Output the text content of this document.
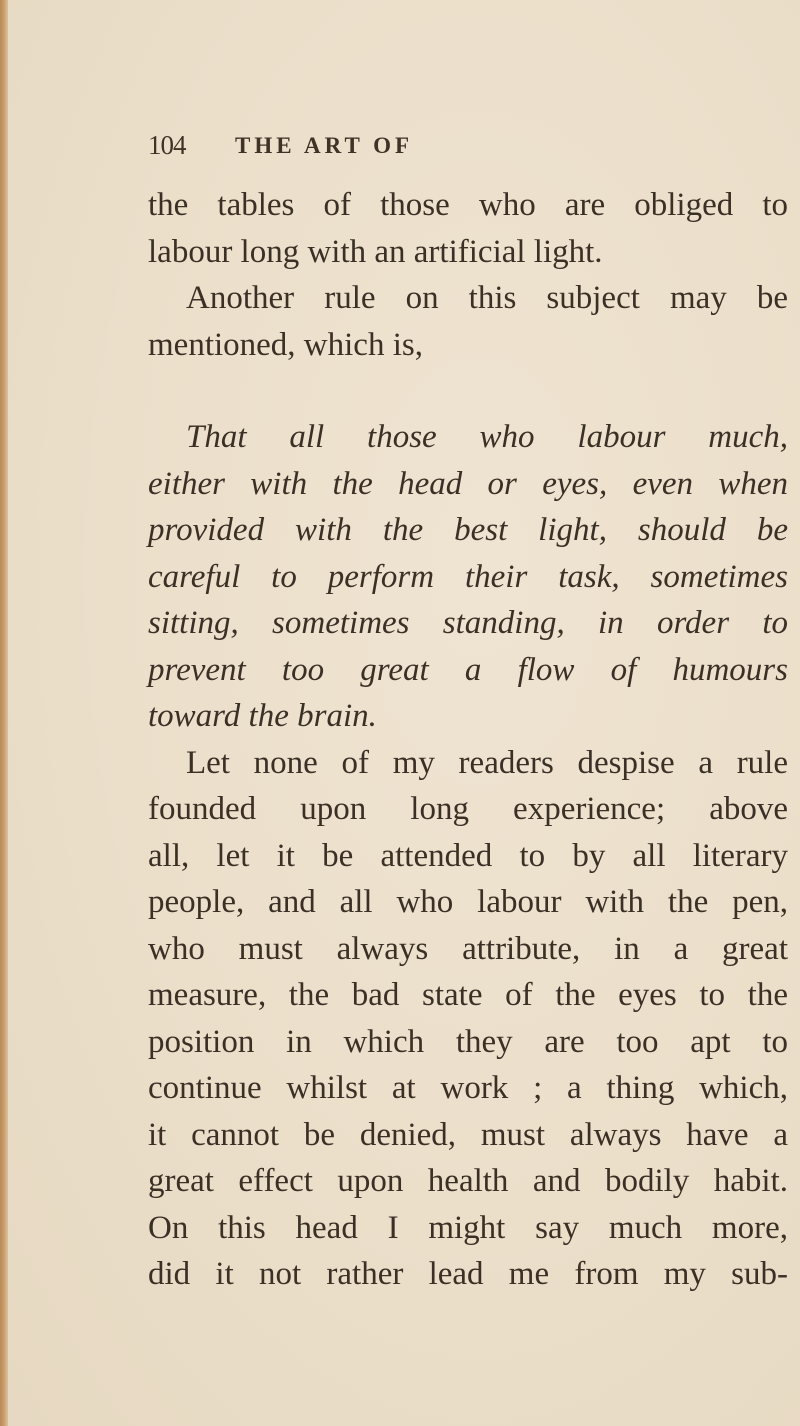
104 THE ART OF
the tables of those who are obliged to
labour long with an artificial light.
Another rule on this subject may be
mentioned, which is,
That all those who labour much,
either with the head or eyes, even when
provided with the best light, should be
careful to perform their task, sometimes
sitting, sometimes standing, in order to
prevent too great a flow of humours
toward the brain.
Let none of my readers despise a rule
founded upon long experience; above
all, let it be attended to by all literary
people, and all who labour with the pen,
who must always attribute, in a great
measure, the bad state of the eyes to the
position in which they are too apt to
continue whilst at work ; a thing which,
it cannot be denied, must always have a
great effect upon health and bodily habit.
On this head I might say much more,
did it not rather lead me from my sub-
